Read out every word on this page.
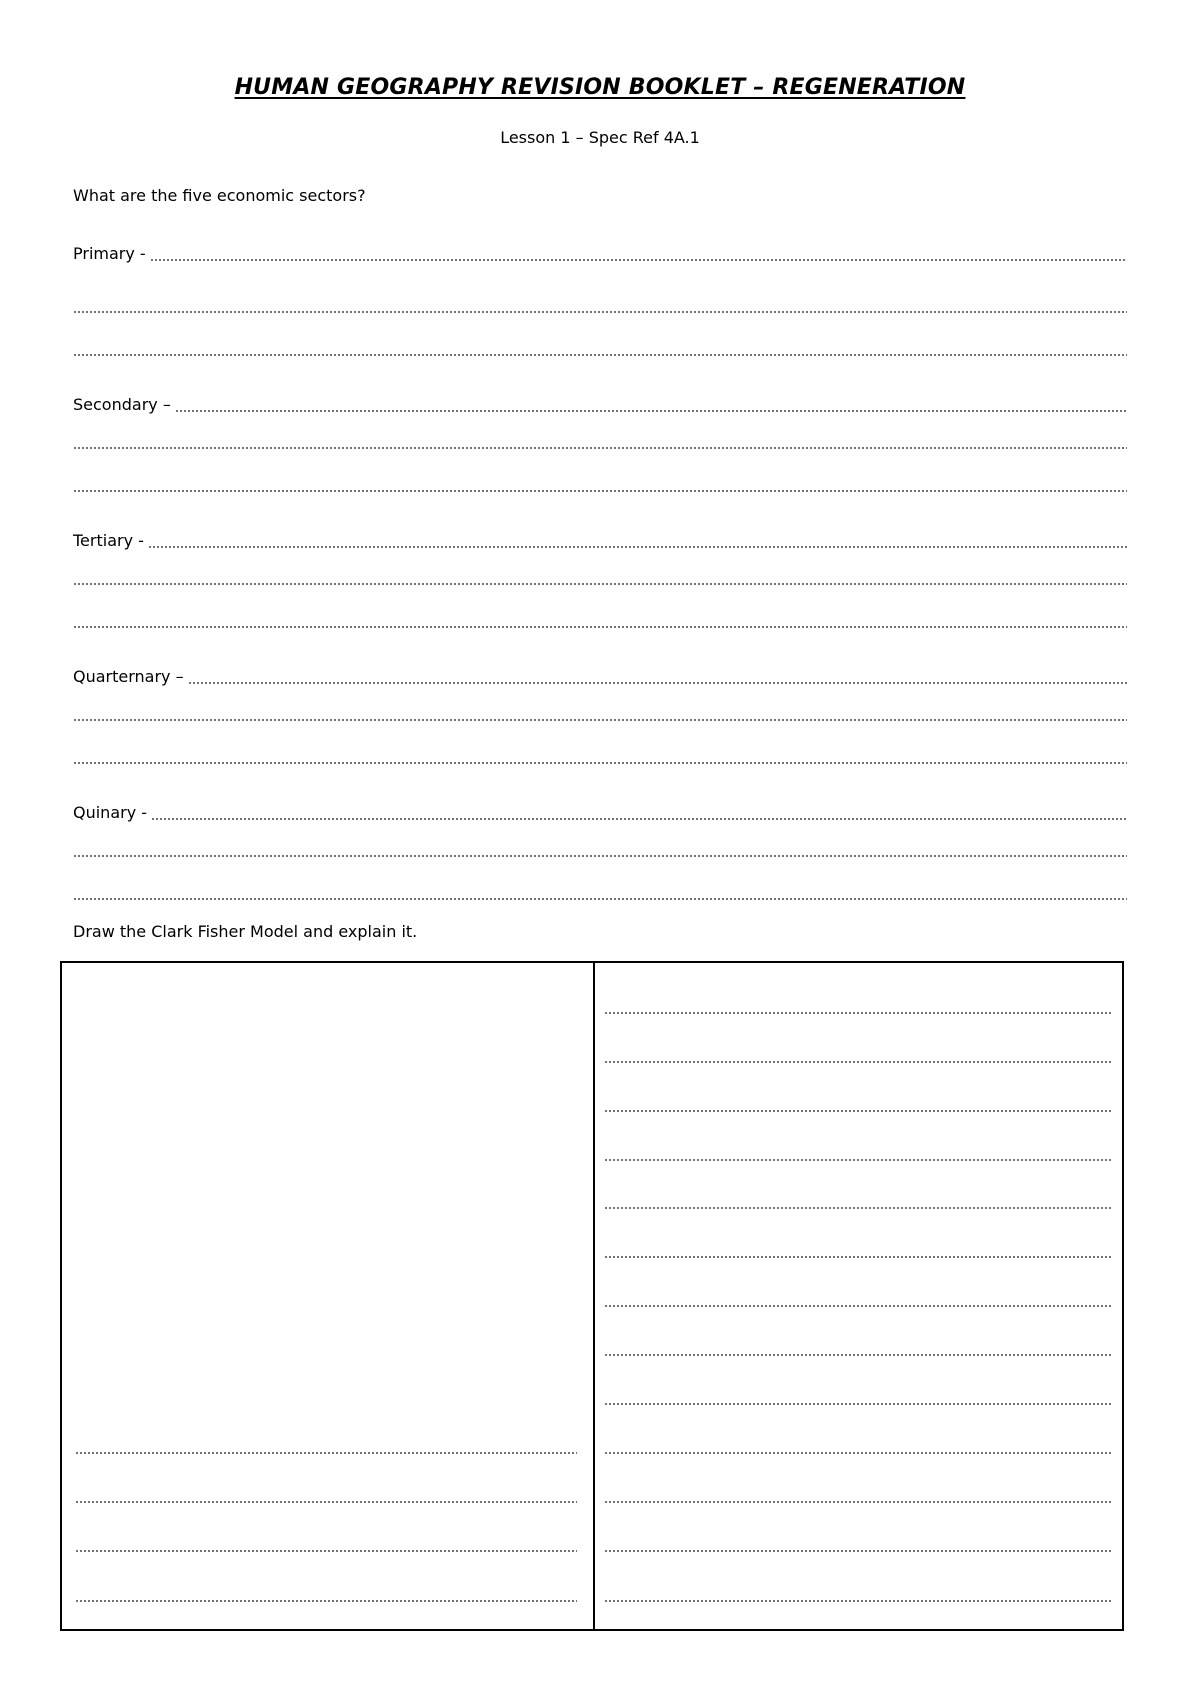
HUMAN GEOGRAPHY REVISION BOOKLET – REGENERATION
Lesson 1 – Spec Ref 4A.1
What are the five economic sectors?
Primary -
Secondary –
Tertiary -
Quarternary –
Quinary -
Draw the Clark Fisher Model and explain it.
